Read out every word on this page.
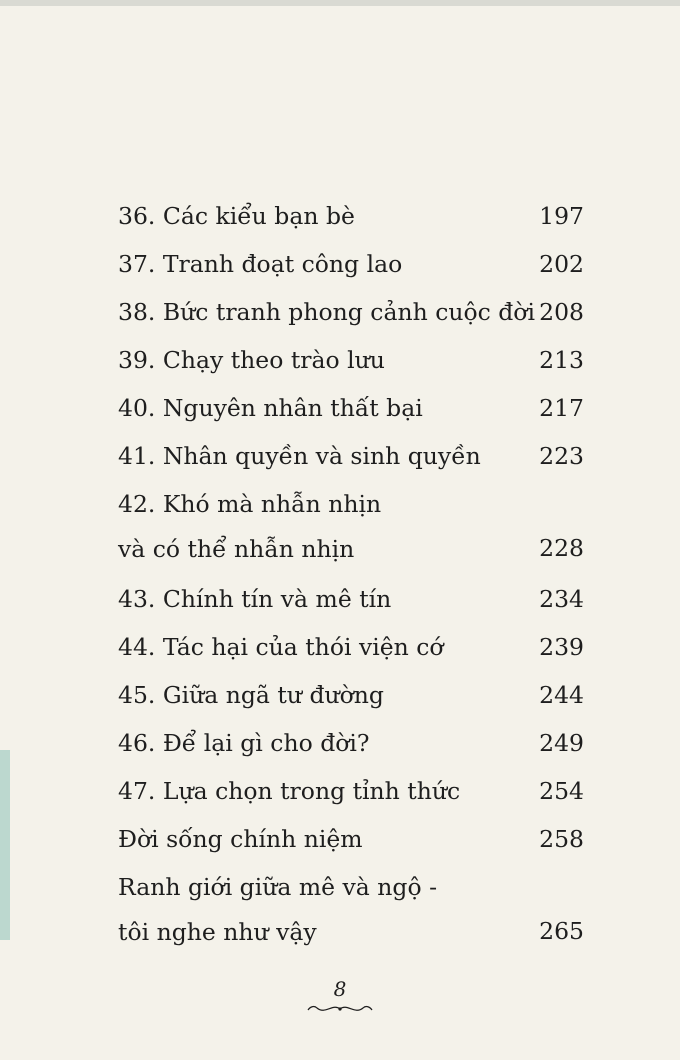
36. Các kiểu bạn bè	197
37. Tranh đoạt công lao	202
38. Bức tranh phong cảnh cuộc đời 208
39. Chạy theo trào lưu	213
40. Nguyên nhân thất bại	217
41. Nhân quyền và sinh quyền	223
42. Khó mà nhẫn nhịn
và có thể nhẫn nhịn	228
43. Chính tín và mê tín	234
44. Tác hại của thói viện cớ	239
45. Giữa ngã tư đường	244
46. Để lại gì cho đời?	249
47. Lựa chọn trong tỉnh thức	254
Đời sống chính niệm	258
Ranh giới giữa mê và ngộ -
tôi nghe như vậy	265
8
